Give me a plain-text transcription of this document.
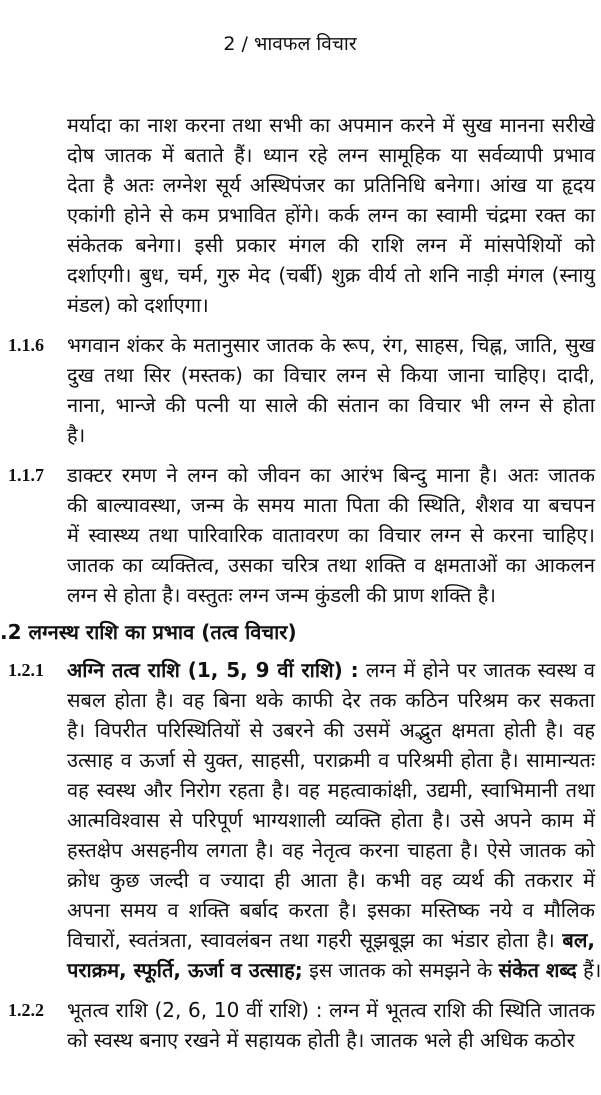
2 / भावफल विचार
.2 लग्नस्थ राशि का प्रभाव (तत्व विचार)
मर्यादा का नाश करना तथा सभी का अपमान करने में सुख मानना सरीखे
दोष जातक में बताते हैं। ध्यान रहे लग्न सामूहिक या सर्वव्यापी प्रभाव
देता है अतः लग्नेश सूर्य अस्थिपंजर का प्रतिनिधि बनेगा। आंख या हृदय
एकांगी होने से कम प्रभावित होंगे। कर्क लग्न का स्वामी चंद्रमा रक्त का
संकेतक बनेगा। इसी प्रकार मंगल की राशि लग्न में मांसपेशियों को
दर्शाएगी। बुध, चर्म, गुरु मेद (चर्बी) शुक्र वीर्य तो शनि नाड़ी मंगल (स्नायु
मंडल) को दर्शाएगा।
1.1.6 भगवान शंकर के मतानुसार जातक के रूप, रंग, साहस, चिह्न, जाति, सुख
दुख तथा सिर (मस्तक) का विचार लग्न से किया जाना चाहिए। दादी,
नाना, भान्जे की पत्नी या साले की संतान का विचार भी लग्न से होता
है।
1.1.7 डाक्टर रमण ने लग्न को जीवन का आरंभ बिन्दु माना है। अतः जातक
की बाल्यावस्था, जन्म के समय माता पिता की स्थिति, शैशव या बचपन
में स्वास्थ्य तथा पारिवारिक वातावरण का विचार लग्न से करना चाहिए।
जातक का व्यक्तित्व, उसका चरित्र तथा शक्ति व क्षमताओं का आकलन
लग्न से होता है। वस्तुतः लग्न जन्म कुंडली की प्राण शक्ति है।
1.2.1 अग्नि तत्व राशि (1, 5, 9 वीं राशि) : लग्न में होने पर जातक स्वस्थ व
सबल होता है। वह बिना थके काफी देर तक कठिन परिश्रम कर सकता
है। विपरीत परिस्थितियों से उबरने की उसमें अद्भुत क्षमता होती है। वह
उत्साह व ऊर्जा से युक्त, साहसी, पराक्रमी व परिश्रमी होता है। सामान्यतः
वह स्वस्थ और निरोग रहता है। वह महत्वाकांक्षी, उद्यमी, स्वाभिमानी तथा
आत्मविश्वास से परिपूर्ण भाग्यशाली व्यक्ति होता है। उसे अपने काम में
हस्तक्षेप असहनीय लगता है। वह नेतृत्व करना चाहता है। ऐसे जातक को
क्रोध कुछ जल्दी व ज्यादा ही आता है। कभी वह व्यर्थ की तकरार में
अपना समय व शक्ति बर्बाद करता है। इसका मस्तिष्क नये व मौलिक
विचारों, स्वतंत्रता, स्वावलंबन तथा गहरी सूझबूझ का भंडार होता है। बल,
पराक्रम, स्फूर्ति, ऊर्जा व उत्साह; इस जातक को समझने के संकेत शब्द हैं।
1.2.2 भूतत्व राशि (2, 6, 10 वीं राशि) : लग्न में भूतत्व राशि की स्थिति जातक
को स्वस्थ बनाए रखने में सहायक होती है। जातक भले ही अधिक कठोर
